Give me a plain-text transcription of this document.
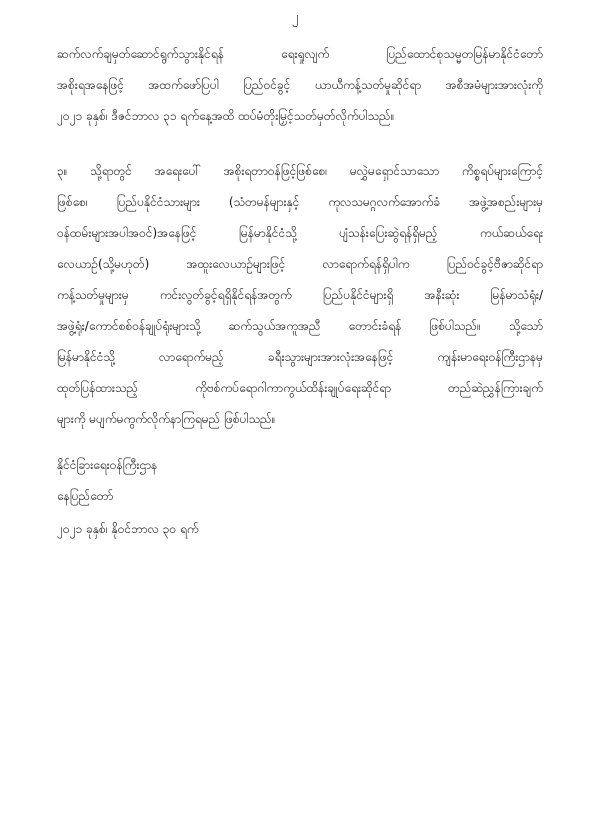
၂
ဆက်လက်ချမှတ်ဆောင်ရွက်သွားနိုင်ရန် ရေးရှုလျက် ပြည်ထောင်စုသမ္မတမြန်မာနိုင်ငံတော်
အစိုးရအနေဖြင့် အထက်ဖော်ပြပါ ပြည်ဝင်ခွင့် ယာယီကန့်သတ်မှုဆိုင်ရာ အစီအမံများအားလုံးကို
၂၀၂၁ ခုနှစ်၊ ဒီဇင်ဘာလ ၃၁ ရက်နေ့အထိ ထပ်မံတိုးမြှင့်သတ်မှတ်လိုက်ပါသည်။
၃။ သို့ရာတွင် အရေးပေါ် အစိုးရတာဝန်ဖြင့်ဖြစ်စေ၊ မလွှဲမရှောင်သာသော ကိစ္စရပ်များကြောင့်
ဖြစ်စေ၊ ပြည်ပနိုင်ငံသားများ (သံတမန်များနှင့် ကုလသမဂ္ဂလက်အောက်ခံ အဖွဲ့အစည်းများမှ
ဝန်ထမ်းများအပါအဝင်)အနေဖြင့် မြန်မာနိုင်ငံသို့ ပျံသန်းပြေးဆွဲရန်ရှိမည့် ကယ်ဆယ်ရေး
လေယာဉ်(သို့မဟုတ်) အထူးလေယာဉ်များဖြင့် လာရောက်ရန်ရှိပါက ပြည်ဝင်ခွင့်ဗီဇာဆိုင်ရာ
ကန့်သတ်မှုများမှ ကင်းလွတ်ခွင့်ရရှိနိုင်ရန်အတွက် ပြည်ပနိုင်ငံများရှိ အနီးဆုံး မြန်မာသံရုံး/
အဖွဲ့ရုံး/ကောင်စစ်ဝန်ချုပ်ရုံးများသို့ ဆက်သွယ်အကူအညီ တောင်းခံရန် ဖြစ်ပါသည်။ သို့သော်
မြန်မာနိုင်ငံသို့ လာရောက်မည့် ခရီးသွားများအားလုံးအနေဖြင့် ကျန်းမာရေးဝန်ကြီးဌာနမှ
ထုတ်ပြန်ထားသည့် ကိုဗစ်ကပ်ရောဂါကာကွယ်ထိန်းချုပ်ရေးဆိုင်ရာ တည်ဆဲညွှန်ကြားချက်
များကို မပျက်မကွက်လိုက်နာကြရမည် ဖြစ်ပါသည်။
နိုင်ငံခြားရေးဝန်ကြီးဌာန
နေပြည်တော်
၂၀၂၁ ခုနှစ်၊ နိုဝင်ဘာလ ၃၀ ရက်
